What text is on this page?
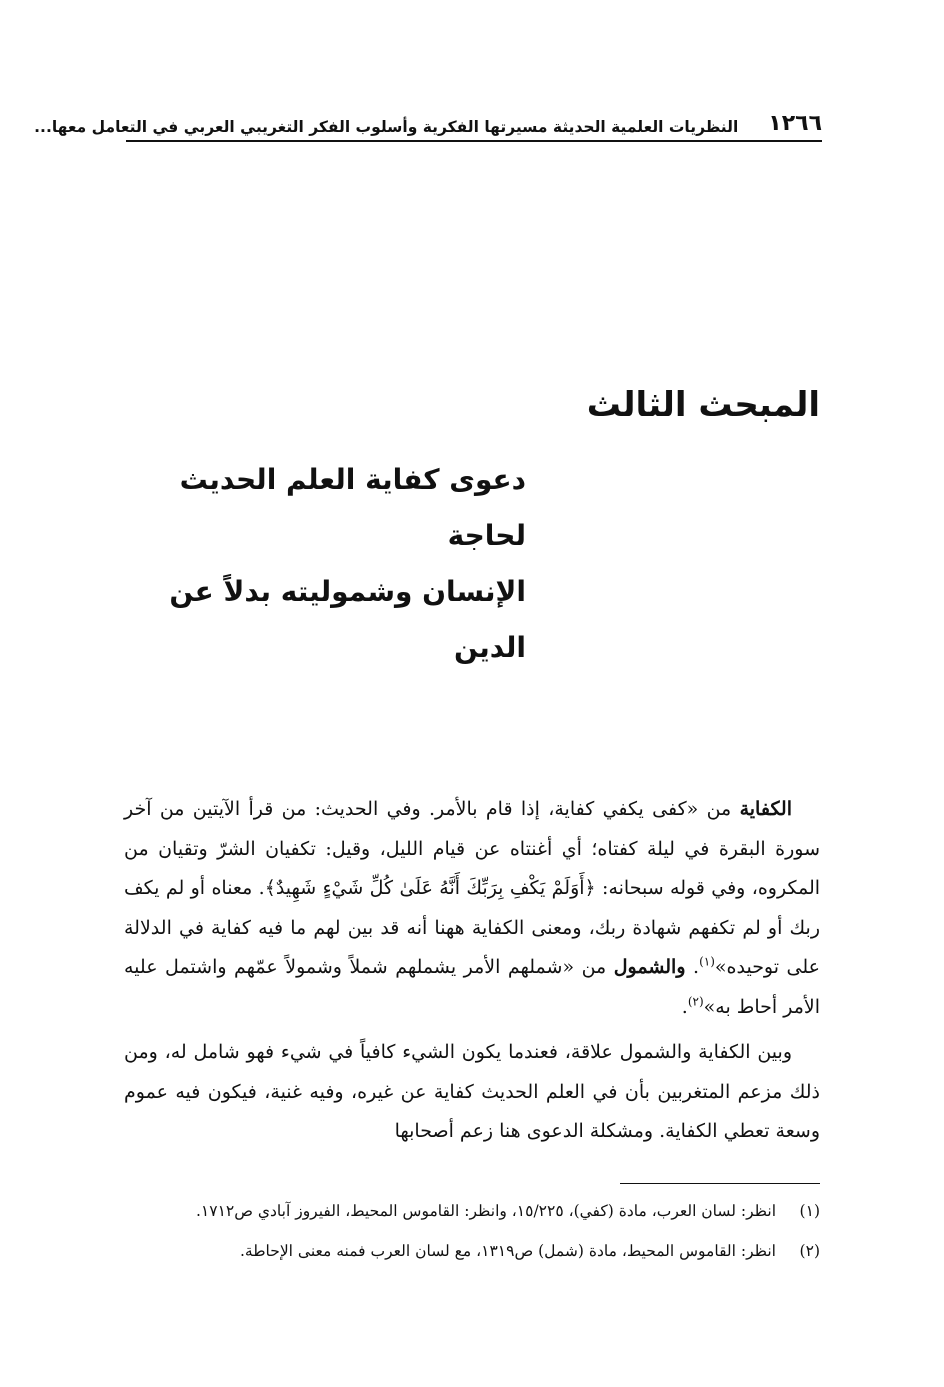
١٢٦٦
النظريات العلمية الحديثة مسيرتها الفكرية وأسلوب الفكر التغريبي العربي في التعامل معها...
المبحث الثالث
دعوى كفاية العلم الحديث لحاجة
الإنسان وشموليته بدلاً عن الدين

الكفاية من «كفى يكفي كفاية، إذا قام بالأمر. وفي الحديث: من قرأ الآيتين من آخر سورة البقرة في ليلة كفتاه؛ أي أغنتاه عن قيام الليل، وقيل: تكفيان الشرّ وتقيان من المكروه، وفي قوله سبحانه: ﴿أَوَلَمْ يَكْفِ بِرَبِّكَ أَنَّهُ عَلَىٰ كُلِّ شَيْءٍ شَهِيدٌ﴾. معناه أو لم يكف ربك أو لم تكفهم شهادة ربك، ومعنى الكفاية ههنا أنه قد بين لهم ما فيه كفاية في الدلالة على توحيده»$^{(١)}$. والشمول من «شملهم الأمر يشملهم شملاً وشمولاً عمّهم واشتمل عليه الأمر أحاط به»$^{(٢)}$.

وبين الكفاية والشمول علاقة، فعندما يكون الشيء كافياً في شيء فهو شامل له، ومن ذلك مزعم المتغربين بأن في العلم الحديث كفاية عن غيره، وفيه غنية، فيكون فيه عموم وسعة تعطي الكفاية. ومشكلة الدعوى هنا زعم أصحابها

(١)
انظر: لسان العرب، مادة (كفي)، ١٥/٢٢٥، وانظر: القاموس المحيط، الفيروز آبادي ص١٧١٢.
(٢)
انظر: القاموس المحيط، مادة (شمل) ص١٣١٩، مع لسان العرب فمنه معنى الإحاطة.
